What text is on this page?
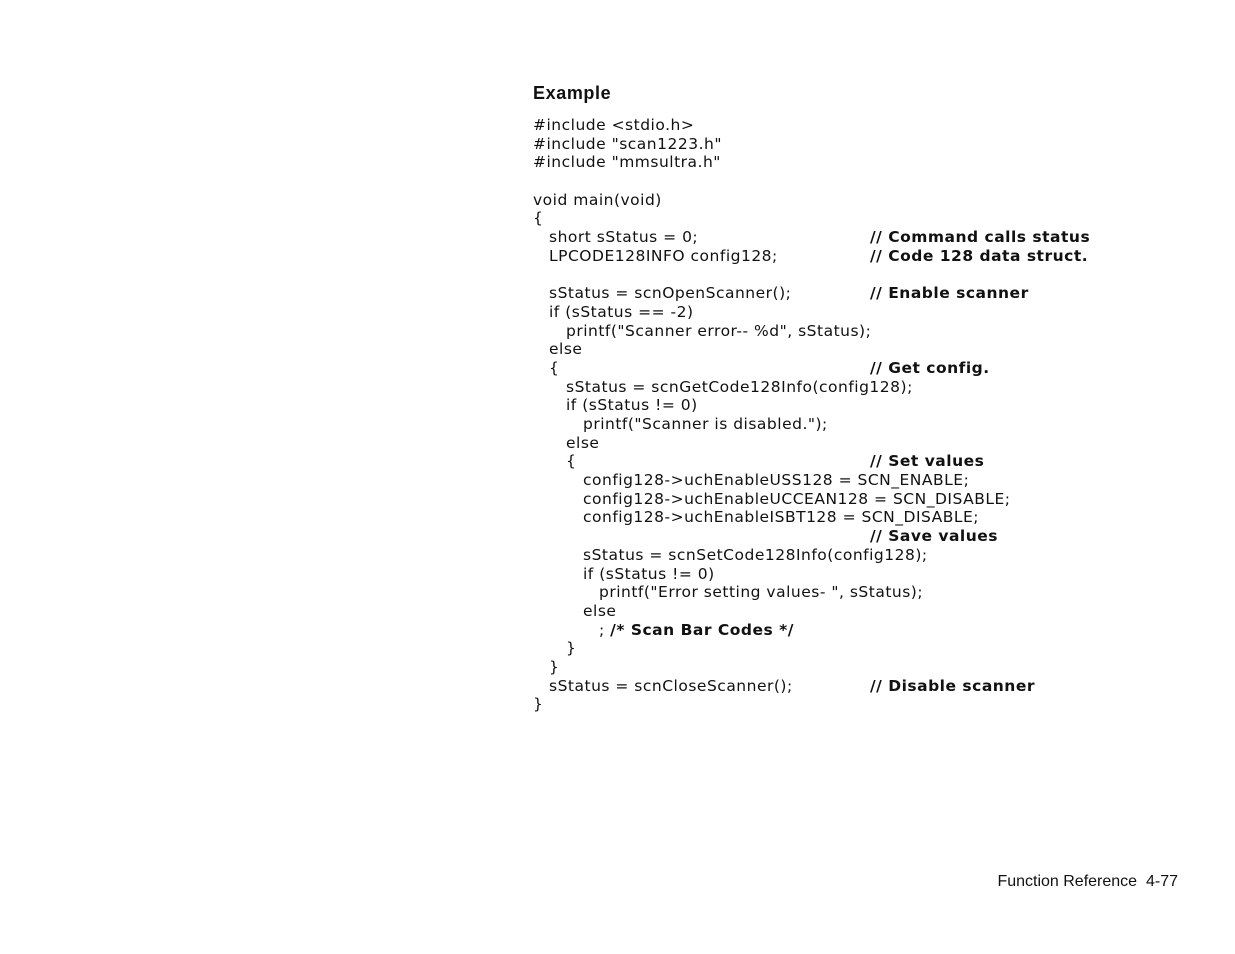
Example
#include <stdio.h>
#include "scan1223.h"
#include "mmsultra.h"
void main(void)
{
short sStatus = 0;	// Command calls status
LPCODE128INFO config128;	// Code 128 data struct.
sStatus = scnOpenScanner();	// Enable scanner
if (sStatus == -2)
printf("Scanner error-- %d", sStatus);
else
{	// Get config.
sStatus = scnGetCode128Info(config128);
if (sStatus != 0)
printf("Scanner is disabled.");
else
{	// Set values
config128->uchEnableUSS128 = SCN_ENABLE;
config128->uchEnableUCCEAN128 = SCN_DISABLE;
config128->uchEnableISBT128 = SCN_DISABLE;
// Save values
sStatus = scnSetCode128Info(config128);
if (sStatus != 0)
printf("Error setting values- ", sStatus);
else
; /* Scan Bar Codes */
}
}
sStatus = scnCloseScanner();	// Disable scanner
}
Function Reference 4-77
